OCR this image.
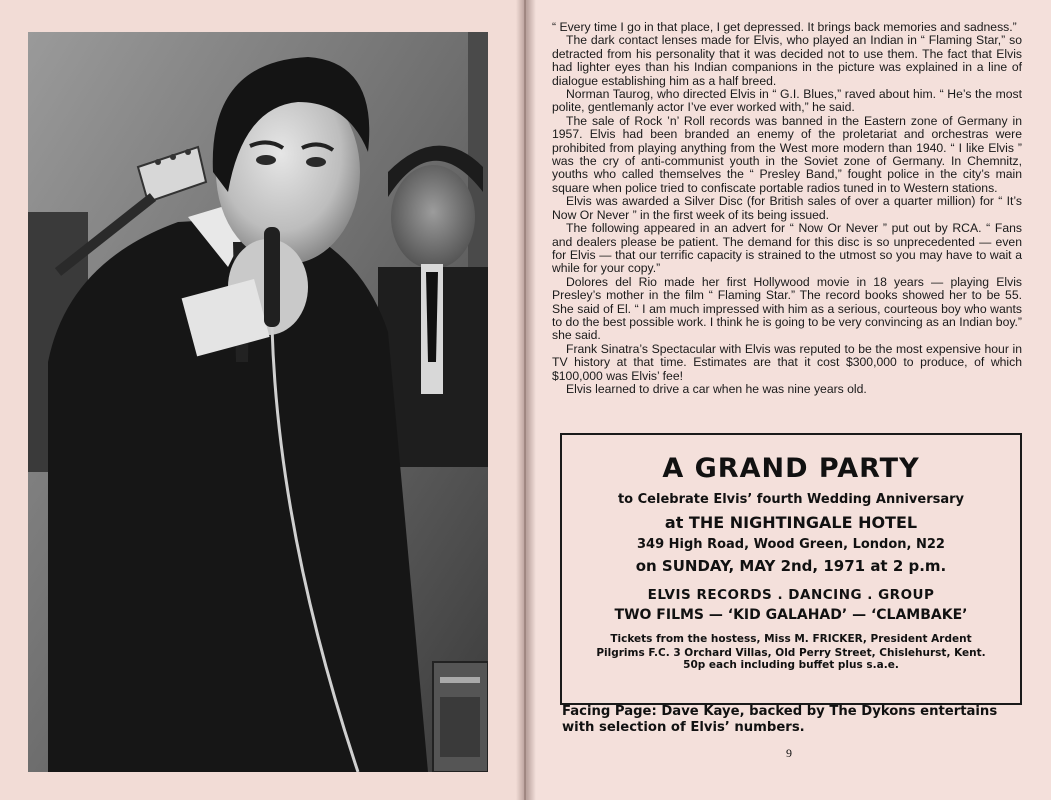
“ Every time I go in that place, I get depressed. It brings back memories and sadness.”

The dark contact lenses made for Elvis, who played an Indian in “ Flaming Star,” so detracted from his personality that it was decided not to use them. The fact that Elvis had lighter eyes than his Indian companions in the picture was explained in a line of dialogue establishing him as a half breed.

Norman Taurog, who directed Elvis in “ G.I. Blues,” raved about him. “ He’s the most polite, gentlemanly actor I’ve ever worked with,” he said.

The sale of Rock ’n’ Roll records was banned in the Eastern zone of Germany in 1957. Elvis had been branded an enemy of the proletariat and orchestras were prohibited from playing anything from the West more modern than 1940. “ I like Elvis ” was the cry of anti-communist youth in the Soviet zone of Germany. In Chemnitz, youths who called themselves the “ Presley Band,” fought police in the city’s main square when police tried to confiscate portable radios tuned in to Western stations.

Elvis was awarded a Silver Disc (for British sales of over a quarter million) for “ It’s Now Or Never ” in the first week of its being issued.

The following appeared in an advert for “ Now Or Never ” put out by RCA. “ Fans and dealers please be patient. The demand for this disc is so unprecedented — even for Elvis — that our terrific capacity is strained to the utmost so you may have to wait a while for your copy.”

Dolores del Rio made her first Hollywood movie in 18 years — playing Elvis Presley’s mother in the film “ Flaming Star.” The record books showed her to be 55. She said of El. “ I am much impressed with him as a serious, courteous boy who wants to do the best possible work. I think he is going to be very convincing as an Indian boy.” she said.

Frank Sinatra’s Spectacular with Elvis was reputed to be the most expensive hour in TV history at that time. Estimates are that it cost $300,000 to produce, of which $100,000 was Elvis’ fee!

Elvis learned to drive a car when he was nine years old.

A GRAND PARTY
to Celebrate Elvis’ fourth Wedding Anniversary
at THE NIGHTINGALE HOTEL
349 High Road, Wood Green, London, N22
on SUNDAY, MAY 2nd, 1971 at 2 p.m.
ELVIS RECORDS . DANCING . GROUP
TWO FILMS — ‘KID GALAHAD’ — ‘CLAMBAKE’
Tickets from the hostess, Miss M. FRICKER, President Ardent
Pilgrims F.C. 3 Orchard Villas, Old Perry Street, Chislehurst, Kent.
50p each including buffet plus s.a.e.
Facing Page: Dave Kaye, backed by The Dykons entertains with selection of Elvis’ numbers.
9
